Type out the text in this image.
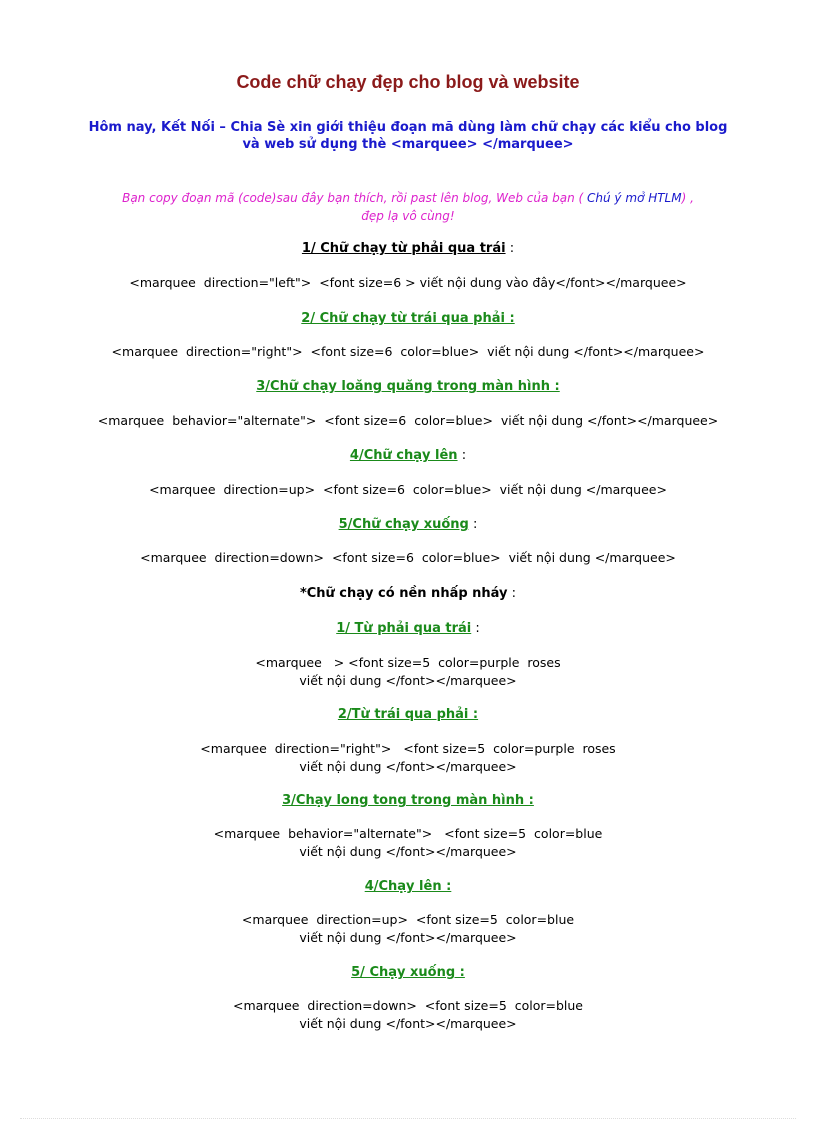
Code chữ chạy đẹp cho blog và website
Hôm nay, Kết Nối – Chia Sè xin giới thiệu đoạn mã dùng làm chữ chạy các kiểu cho blog
và web sử dụng thè <marquee> </marquee>
Bạn copy đoạn mã (code)sau đây bạn thích, rồi past lên blog, Web của bạn ( Chú ý mở HTLM) ,
đẹp lạ vô cùng!
1/ Chữ chạy từ phải qua trái :
<marquee  direction="left">  <font size=6 > viết nội dung vào đây</font></marquee>
2/ Chữ chạy từ trái qua phải :
<marquee  direction="right">  <font size=6  color=blue>  viết nội dung </font></marquee>
3/Chữ chạy loăng quăng trong màn hình :
<marquee  behavior="alternate">  <font size=6  color=blue>  viết nội dung </font></marquee>
4/Chữ chạy lên :
<marquee  direction=up>  <font size=6  color=blue>  viết nội dung </marquee>
5/Chữ chạy xuống :
<marquee  direction=down>  <font size=6  color=blue>  viết nội dung </marquee>
*Chữ chạy có nền nhấp nháy :
1/ Từ phải qua trái :
<marquee   > <font size=5  color=purple  roses
viết nội dung </font></marquee>
2/Từ trái qua phải :
<marquee  direction="right">   <font size=5  color=purple  roses
viết nội dung </font></marquee>
3/Chạy long tong trong màn hình :
<marquee  behavior="alternate">   <font size=5  color=blue
viết nội dung </font></marquee>
4/Chạy lên :
<marquee  direction=up>  <font size=5  color=blue
viết nội dung </font></marquee>
5/ Chạy xuống :
<marquee  direction=down>  <font size=5  color=blue
viết nội dung </font></marquee>
